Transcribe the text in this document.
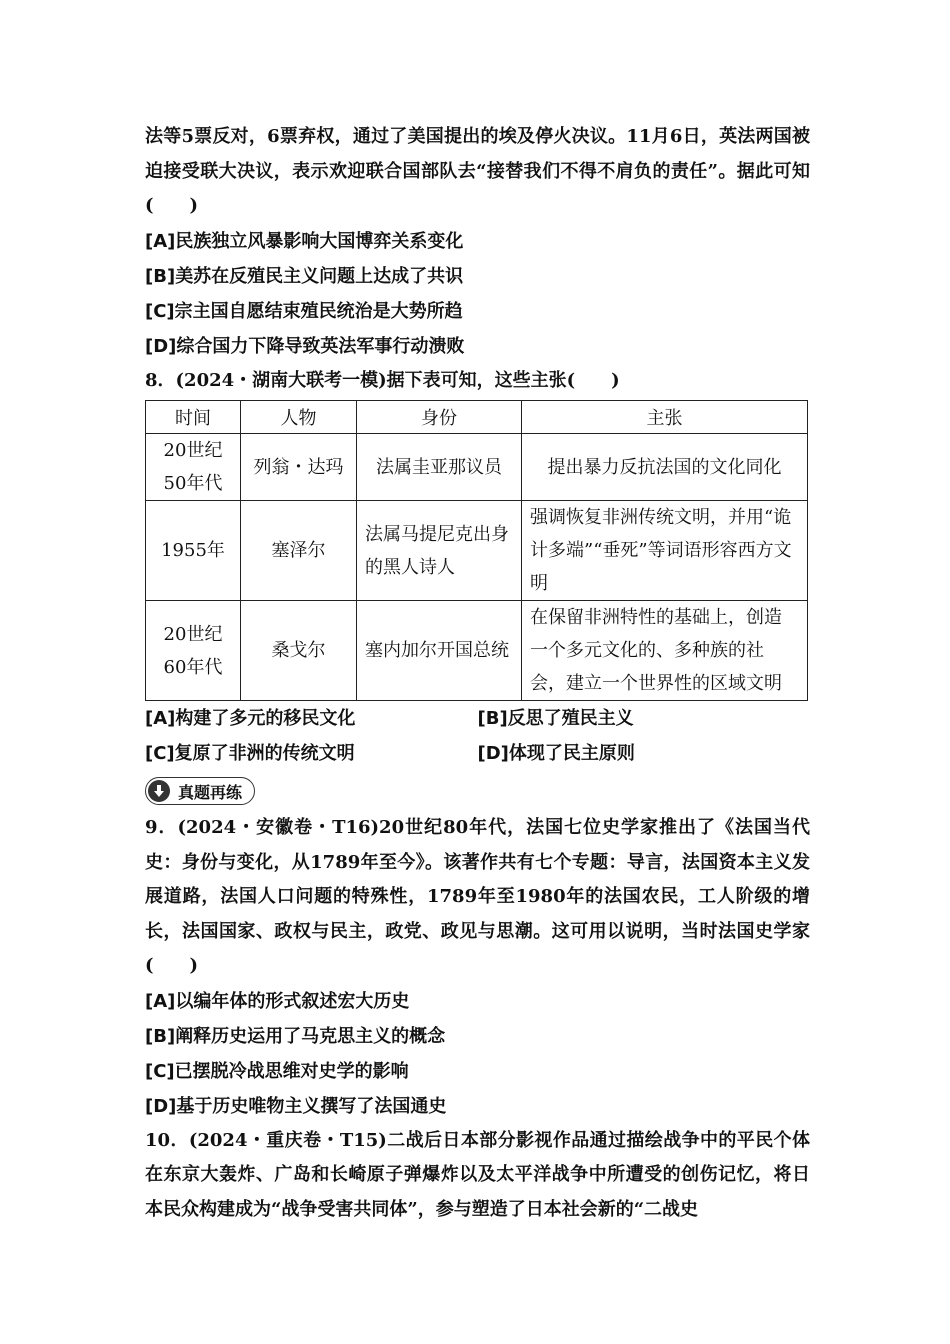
法等5票反对，6票弃权，通过了美国提出的埃及停火决议。11月6日，英法两国被迫接受联大决议，表示欢迎联合国部队去“接替我们不得不肩负的责任”。据此可知(　　)

[A]民族独立风暴影响大国博弈关系变化

[B]美苏在反殖民主义问题上达成了共识

[C]宗主国自愿结束殖民统治是大势所趋

[D]综合国力下降导致英法军事行动溃败

8．(2024・湖南大联考一模)据下表可知，这些主张(　　)

时间	人物	身份	主张
20世纪50年代	列翁・达玛	法属圭亚那议员	提出暴力反抗法国的文化同化
1955年	塞泽尔	法属马提尼克出身的黑人诗人	强调恢复非洲传统文明，并用“诡计多端”“垂死”等词语形容西方文明
20世纪60年代	桑戈尔	塞内加尔开国总统	在保留非洲特性的基础上，创造一个多元文化的、多种族的社会，建立一个世界性的区域文明

[A]构建了多元的移民文化	[B]反思了殖民主义

[C]复原了非洲的传统文明	[D]体现了民主原则

真题再练

9．(2024・安徽卷・T16)20世纪80年代，法国七位史学家推出了《法国当代史：身份与变化，从1789年至今》。该著作共有七个专题：导言，法国资本主义发展道路，法国人口问题的特殊性，1789年至1980年的法国农民，工人阶级的增长，法国国家、政权与民主，政党、政见与思潮。这可用以说明，当时法国史学家(　　)

[A]以编年体的形式叙述宏大历史

[B]阐释历史运用了马克思主义的概念

[C]已摆脱冷战思维对史学的影响

[D]基于历史唯物主义撰写了法国通史

10．(2024・重庆卷・T15)二战后日本部分影视作品通过描绘战争中的平民个体在东京大轰炸、广岛和长崎原子弹爆炸以及太平洋战争中所遭受的创伤记忆，将日本民众构建成为“战争受害共同体”，参与塑造了日本社会新的“二战史
